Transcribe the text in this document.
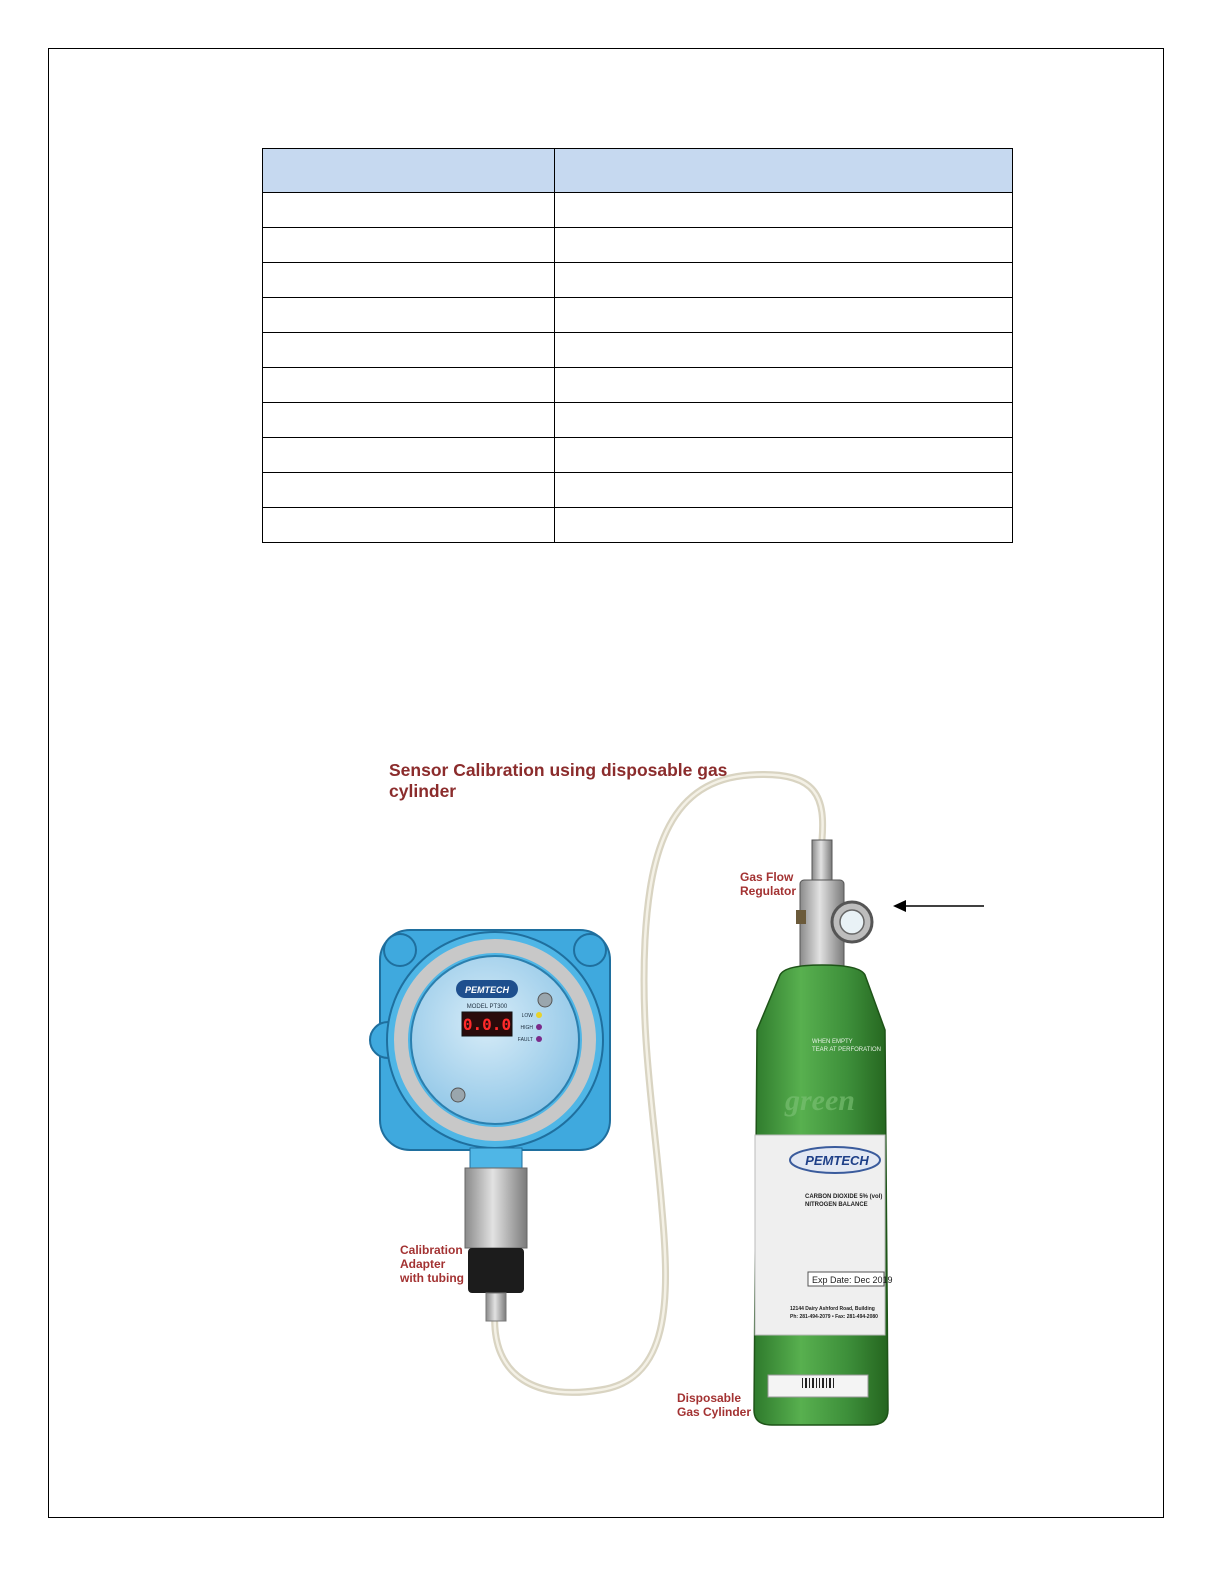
PEMTECH
MODEL PT300
0.0.0 LOW
HIGH
FAULT
green
WHEN EMPTY
TEAR AT PERFORATION
PEMTECH
CARBON DIOXIDE 5% (vol)
NITROGEN BALANCE
Exp Date: Dec 2019
12144 Dairy Ashford Road, Building
Ph: 281-494-2079 • Fax: 281-494-2080
Sensor Calibration using disposable gas cylinder
Gas Flow
Regulator
Calibration
Adapter
with tubing
Disposable
Gas Cylinder
